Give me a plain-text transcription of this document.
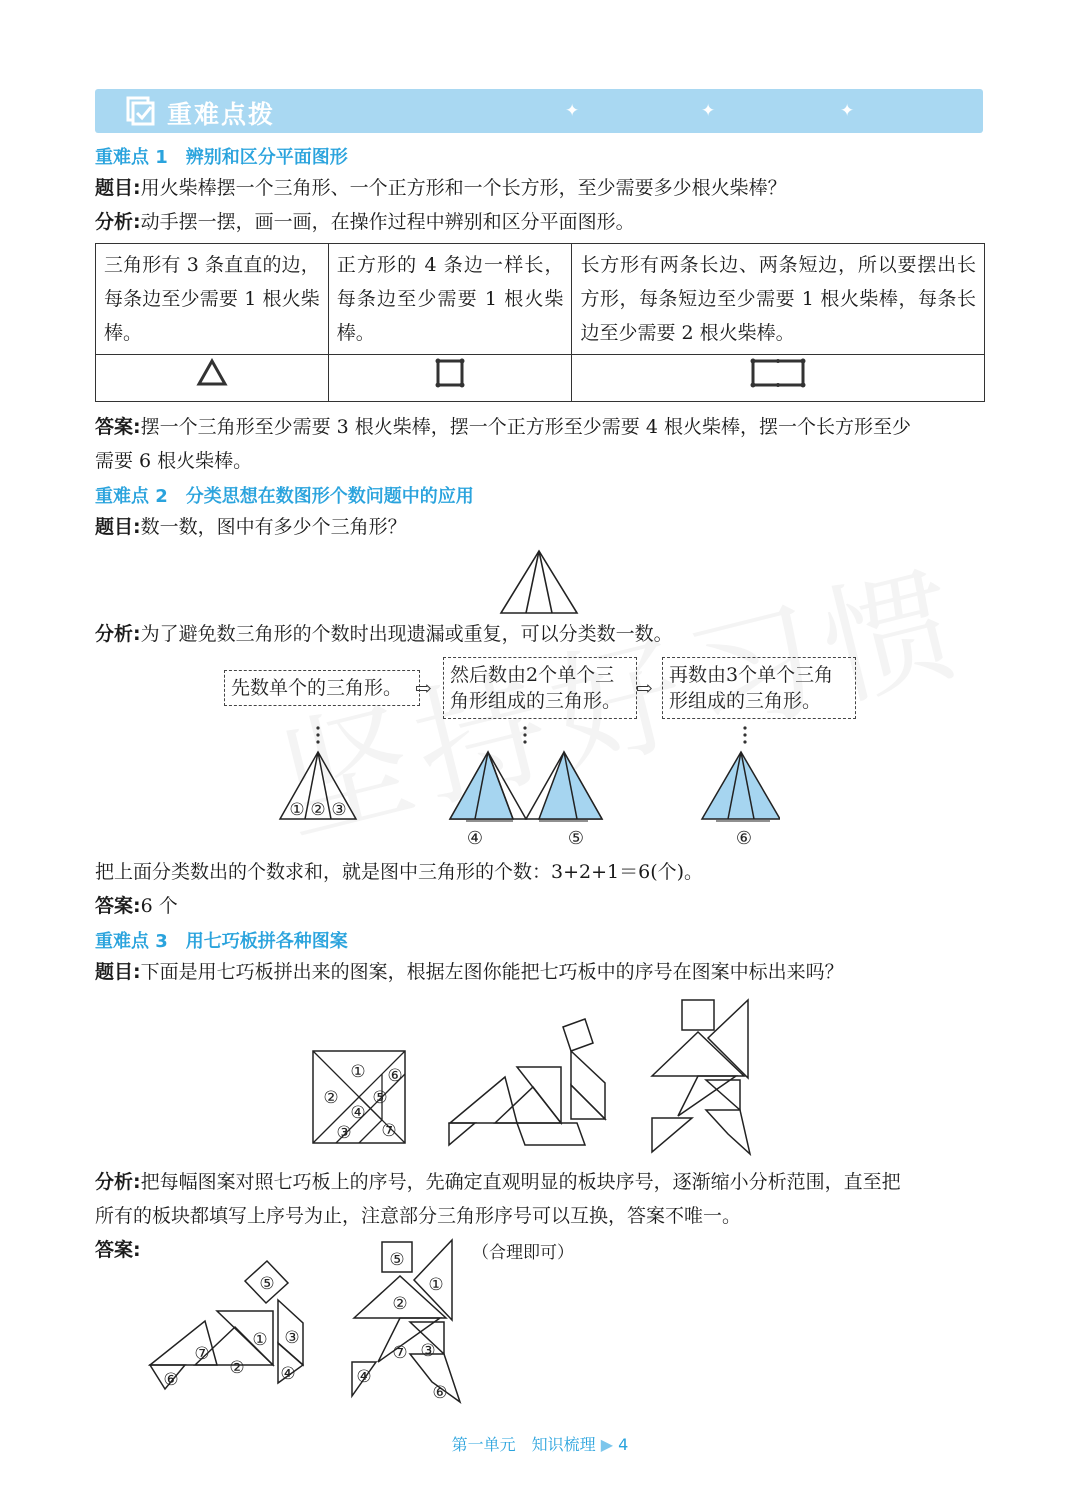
重难点拨	✦	✦	✦
重难点 1　辨别和区分平面图形
题目:用火柴棒摆一个三角形、一个正方形和一个长方形，至少需要多少根火柴棒？
分析:动手摆一摆，画一画，在操作过程中辨别和区分平面图形。
三角形有 3 条直直的边，每条边至少需要 1 根火柴棒。	正方形的 4 条边一样长，每条边至少需要 1 根火柴棒。	长方形有两条长边、两条短边，所以要摆出长方形，每条短边至少需要 1 根火柴棒，每条长边至少需要 2 根火柴棒。

答案:摆一个三角形至少需要 3 根火柴棒，摆一个正方形至少需要 4 根火柴棒，摆一个长方形至少
需要 6 根火柴棒。
重难点 2　分类思想在数图形个数问题中的应用
题目:数一数，图中有多少个三角形？
分析:为了避免数三角形的个数时出现遗漏或重复，可以分类数一数。
先数单个的三角形。 ⇨
然后数由2个单个三
角形组成的三角形。
⇨
再数由3个单个三角
形组成的三角形。
① ② ③
④	⑤	⑥
把上面分类数出的个数求和，就是图中三角形的个数：3+2+1＝6(个)。
答案:6 个
重难点 3　用七巧板拼各种图案
题目:下面是用七巧板拼出来的图案，根据左图你能把七巧板中的序号在图案中标出来吗？
①
②
③
④
⑤
⑥
⑦
分析:把每幅图案对照七巧板上的序号，先确定直观明显的板块序号，逐渐缩小分析范围，直至把
所有的板块都填写上序号为止，注意部分三角形序号可以互换，答案不唯一。
答案:	（合理即可）
⑤
⑦
②
① ③
④
⑥
⑤
①
②
⑦ ③
④
⑥
第一单元　知识梳理 ▶ 4
